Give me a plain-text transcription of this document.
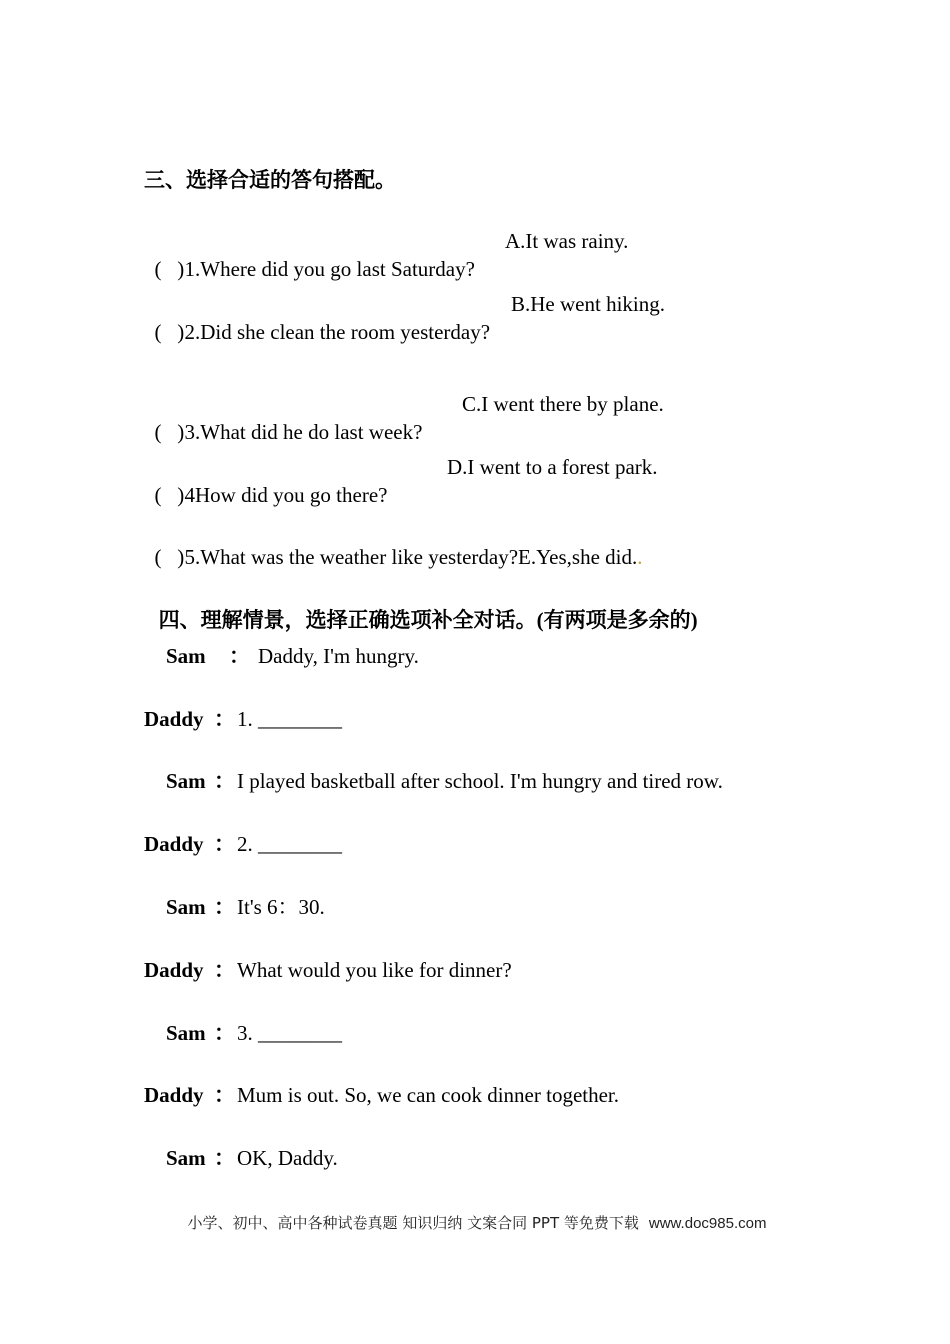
三、选择合适的答句搭配。

(   )1.Where did you go last Saturday?

A.It was rainy.

(   )2.Did she clean the room yesterday?

B.He went hiking.

(   )3.What did he do last week?

C.I went there by plane.

(   )4How did you go there?

D.I went to a forest park.

(   )5.What was the weather like yesterday?E.Yes,she did..

四、理解情景，选择正确选项补全对话。(有两项是多余的)

Sam ： Daddy, I'm hungry.
Daddy ： 1. ________
Sam ： I played basketball after school. I'm hungry and tired row.
Daddy ： 2. ________
Sam ： It's 6：30.
Daddy ： What would you like for dinner?
Sam ： 3. ________
Daddy ： Mum is out. So, we can cook dinner together.
Sam ： OK, Daddy.

小学、初中、高中各种试卷真题 知识归纳 文案合同 PPT 等免费下载 www.doc985.com
